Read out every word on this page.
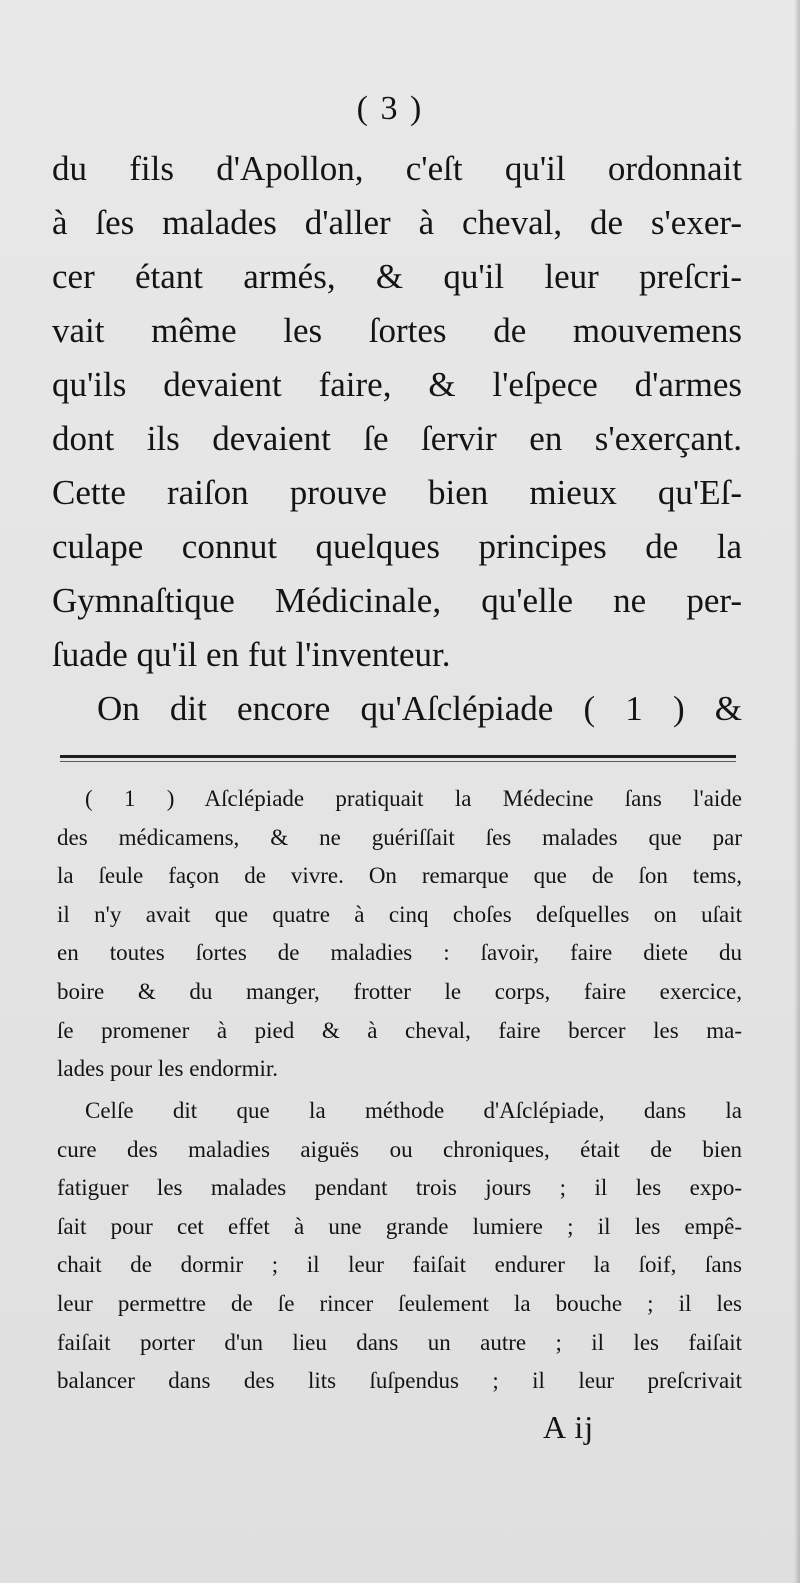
( 3 )

du fils d'Apollon, c'eſt qu'il ordonnait
à ſes malades d'aller à cheval, de s'exer-
cer étant armés, & qu'il leur preſcri-
vait même les ſortes de mouvemens
qu'ils devaient faire, & l'eſpece d'armes
dont ils devaient ſe ſervir en s'exerçant.
Cette raiſon prouve bien mieux qu'Eſ-
culape connut quelques principes de la
Gymnaſtique Médicinale, qu'elle ne per-
ſuade qu'il en fut l'inventeur.
On dit encore qu'Aſclépiade ( 1 ) &

( 1 ) Aſclépiade pratiquait la Médecine ſans l'aide
des médicamens, & ne guériſſait ſes malades que par
la ſeule façon de vivre. On remarque que de ſon tems,
il n'y avait que quatre à cinq choſes deſquelles on uſait
en toutes ſortes de maladies : ſavoir, faire diete du
boire & du manger, frotter le corps, faire exercice,
ſe promener à pied & à cheval, faire bercer les ma-
lades pour les endormir.

Celſe dit que la méthode d'Aſclépiade, dans la
cure des maladies aiguës ou chroniques, était de bien
fatiguer les malades pendant trois jours ; il les expo-
ſait pour cet effet à une grande lumiere ; il les empê-
chait de dormir ; il leur faiſait endurer la ſoif, ſans
leur permettre de ſe rincer ſeulement la bouche ; il les
faiſait porter d'un lieu dans un autre ; il les faiſait
balancer dans des lits ſuſpendus ; il leur preſcrivait

A ij
